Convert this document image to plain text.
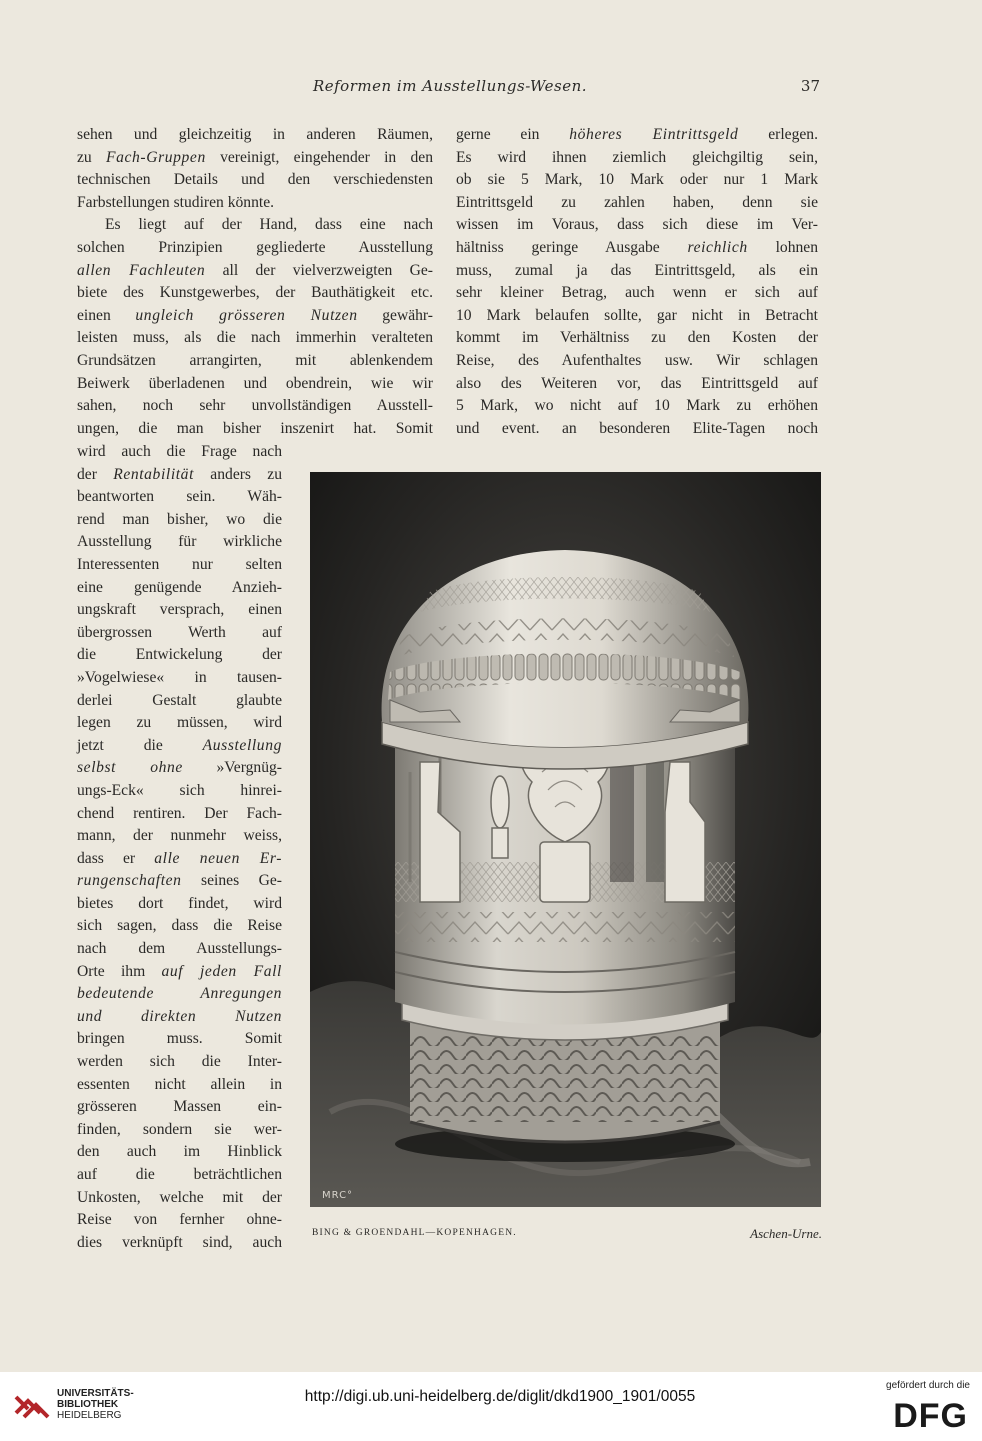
Reformen im Ausstellungs-Wesen.	37
sehen und gleichzeitig in anderen Räumen,
zu Fach-Gruppen vereinigt, eingehender in den
technischen Details und den verschiedensten
Farbstellungen studiren könnte.
Es liegt auf der Hand, dass eine nach
solchen Prinzipien gegliederte Ausstellung
allen Fachleuten all der vielverzweigten Ge-
biete des Kunstgewerbes, der Bauthätigkeit etc.
einen ungleich grösseren Nutzen gewähr-
leisten muss, als die nach immerhin veralteten
Grundsätzen arrangirten, mit ablenkendem
Beiwerk überladenen und obendrein, wie wir
sahen, noch sehr unvollständigen Ausstell-
ungen, die man bisher inszenirt hat. Somit
wird auch die Frage nach
der Rentabilität anders zu
beantworten sein. Wäh-
rend man bisher, wo die
Ausstellung für wirkliche
Interessenten nur selten
eine genügende Anzieh-
ungskraft versprach, einen
übergrossen Werth auf
die Entwickelung der
»Vogelwiese« in tausen-
derlei Gestalt glaubte
legen zu müssen, wird
jetzt die Ausstellung
selbst ohne »Vergnüg-
ungs-Eck« sich hinrei-
chend rentiren. Der Fach-
mann, der nunmehr weiss,
dass er alle neuen Er-
rungenschaften seines Ge-
bietes dort findet, wird
sich sagen, dass die Reise
nach dem Ausstellungs-
Orte ihm auf jeden Fall
bedeutende Anregungen
und direkten Nutzen
bringen muss. Somit
werden sich die Inter-
essenten nicht allein in
grösseren Massen ein-
finden, sondern sie wer-
den auch im Hinblick
auf die beträchtlichen
Unkosten, welche mit der
Reise von fernher ohne-
dies verknüpft sind, auch
gerne ein höheres Eintrittsgeld erlegen.
Es wird ihnen ziemlich gleichgiltig sein,
ob sie 5 Mark, 10 Mark oder nur 1 Mark
Eintrittsgeld zu zahlen haben, denn sie
wissen im Voraus, dass sich diese im Ver-
hältniss geringe Ausgabe reichlich lohnen
muss, zumal ja das Eintrittsgeld, als ein
sehr kleiner Betrag, auch wenn er sich auf
10 Mark belaufen sollte, gar nicht in Betracht
kommt im Verhältniss zu den Kosten der
Reise, des Aufenthaltes usw. Wir schlagen
also des Weiteren vor, das Eintrittsgeld auf
5 Mark, wo nicht auf 10 Mark zu erhöhen
und event. an besonderen Elite-Tagen noch
MRC°
BING & GROENDAHL—KOPENHAGEN.	Aschen-Urne.
UNIVERSITÄTS-
BIBLIOTHEK
HEIDELBERG
http://digi.ub.uni-heidelberg.de/diglit/dkd1900_1901/0055
gefördert durch die
DFG
